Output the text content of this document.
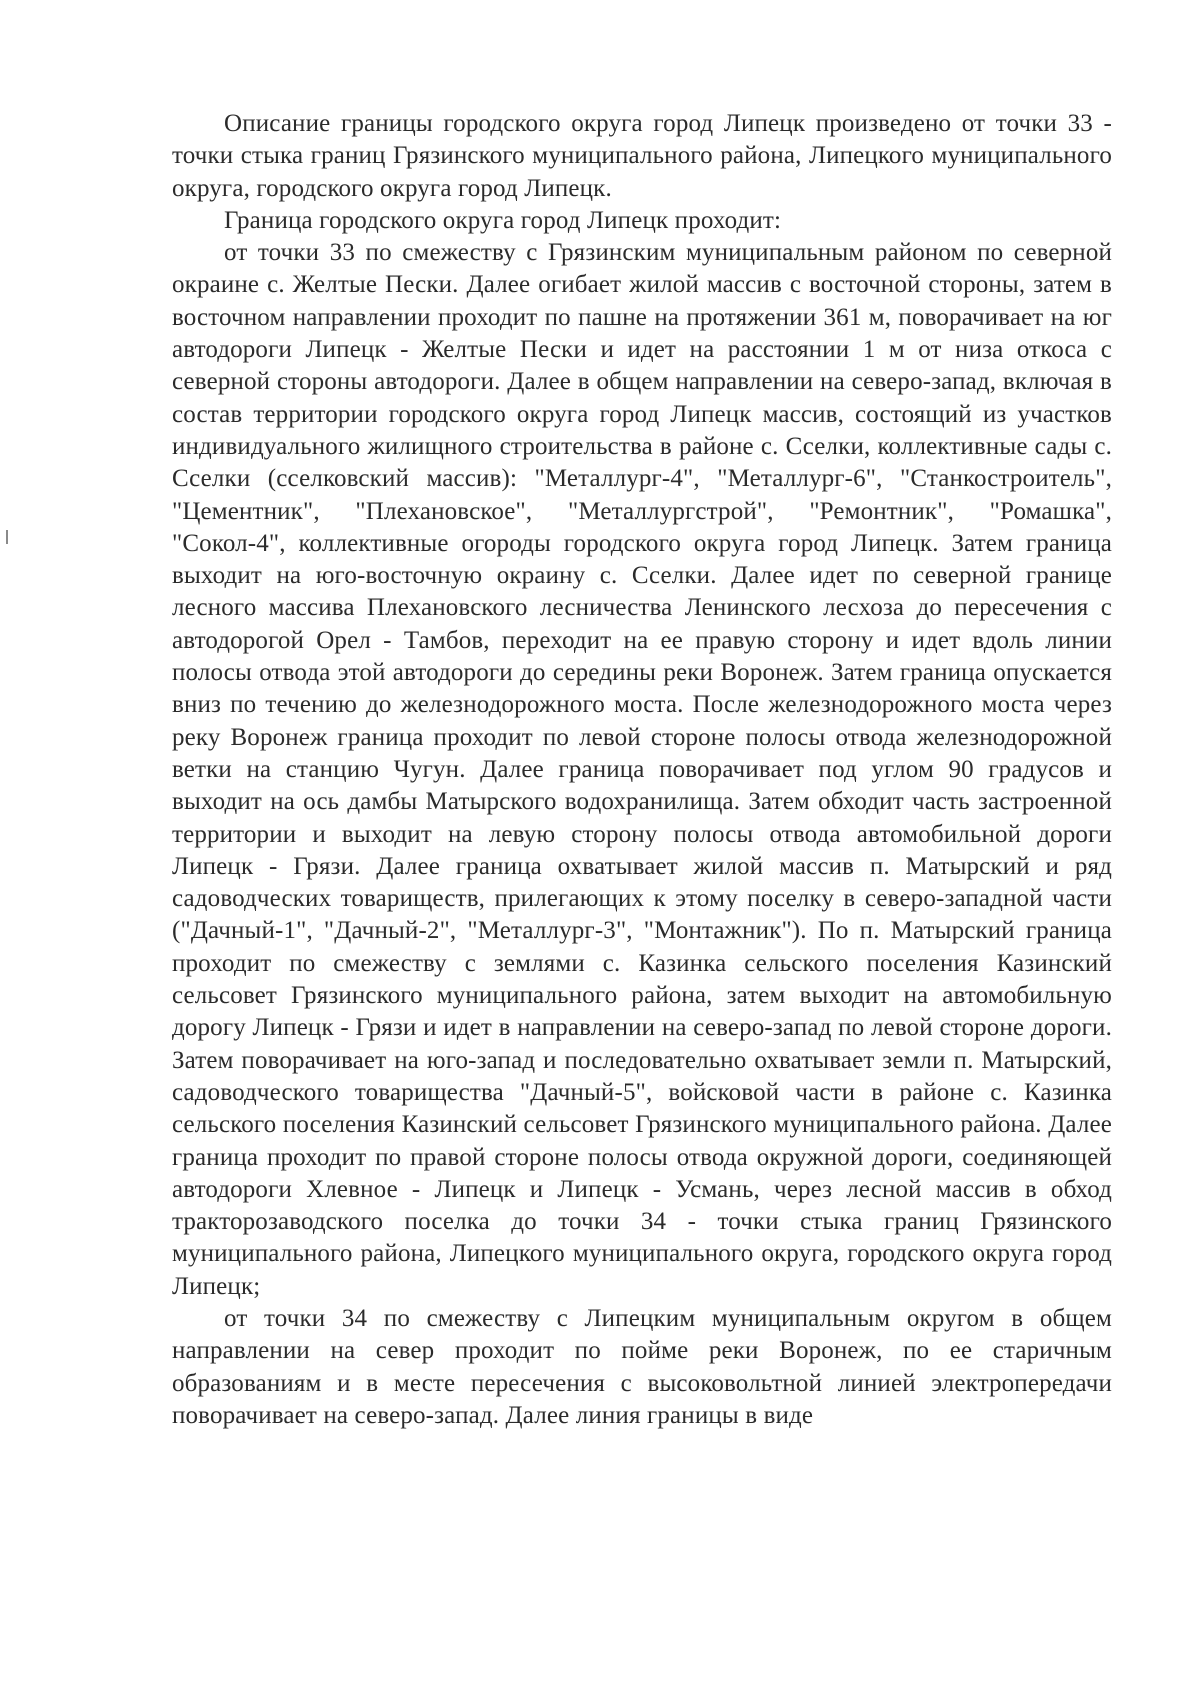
Описание границы городского округа город Липецк произведено от точки 33 - точки стыка границ Грязинского муниципального района, Липецкого муниципального округа, городского округа город Липецк.

Граница городского округа город Липецк проходит:

от точки 33 по смежеству с Грязинским муниципальным районом по северной окраине с. Желтые Пески. Далее огибает жилой массив с восточной стороны, затем в восточном направлении проходит по пашне на протяжении 361 м, поворачивает на юг автодороги Липецк - Желтые Пески и идет на расстоянии 1 м от низа откоса с северной стороны автодороги. Далее в общем направлении на северо-запад, включая в состав территории городского округа город Липецк массив, состоящий из участков индивидуального жилищного строительства в районе с. Сселки, коллективные сады с. Сселки (сселковский массив): "Металлург-4", "Металлург-6", "Станкостроитель", "Цементник", "Плехановское", "Металлургстрой", "Ремонтник", "Ромашка", "Сокол-4", коллективные огороды городского округа город Липецк. Затем граница выходит на юго-восточную окраину с. Сселки. Далее идет по северной границе лесного массива Плехановского лесничества Ленинского лесхоза до пересечения с автодорогой Орел - Тамбов, переходит на ее правую сторону и идет вдоль линии полосы отвода этой автодороги до середины реки Воронеж. Затем граница опускается вниз по течению до железнодорожного моста. После железнодорожного моста через реку Воронеж граница проходит по левой стороне полосы отвода железнодорожной ветки на станцию Чугун. Далее граница поворачивает под углом 90 градусов и выходит на ось дамбы Матырского водохранилища. Затем обходит часть застроенной территории и выходит на левую сторону полосы отвода автомобильной дороги Липецк - Грязи. Далее граница охватывает жилой массив п. Матырский и ряд садоводческих товариществ, прилегающих к этому поселку в северо-западной части ("Дачный-1", "Дачный-2", "Металлург-3", "Монтажник"). По п. Матырский граница проходит по смежеству с землями с. Казинка сельского поселения Казинский сельсовет Грязинского муниципального района, затем выходит на автомобильную дорогу Липецк - Грязи и идет в направлении на северо-запад по левой стороне дороги. Затем поворачивает на юго-запад и последовательно охватывает земли п. Матырский, садоводческого товарищества "Дачный-5", войсковой части в районе с. Казинка сельского поселения Казинский сельсовет Грязинского муниципального района. Далее граница проходит по правой стороне полосы отвода окружной дороги, соединяющей автодороги Хлевное - Липецк и Липецк - Усмань, через лесной массив в обход тракторозаводского поселка до точки 34 - точки стыка границ Грязинского муниципального района, Липецкого муниципального округа, городского округа город Липецк;

от точки 34 по смежеству с Липецким муниципальным округом в общем направлении на север проходит по пойме реки Воронеж, по ее старичным образованиям и в месте пересечения с высоковольтной линией электропередачи поворачивает на северо-запад. Далее линия границы в виде
